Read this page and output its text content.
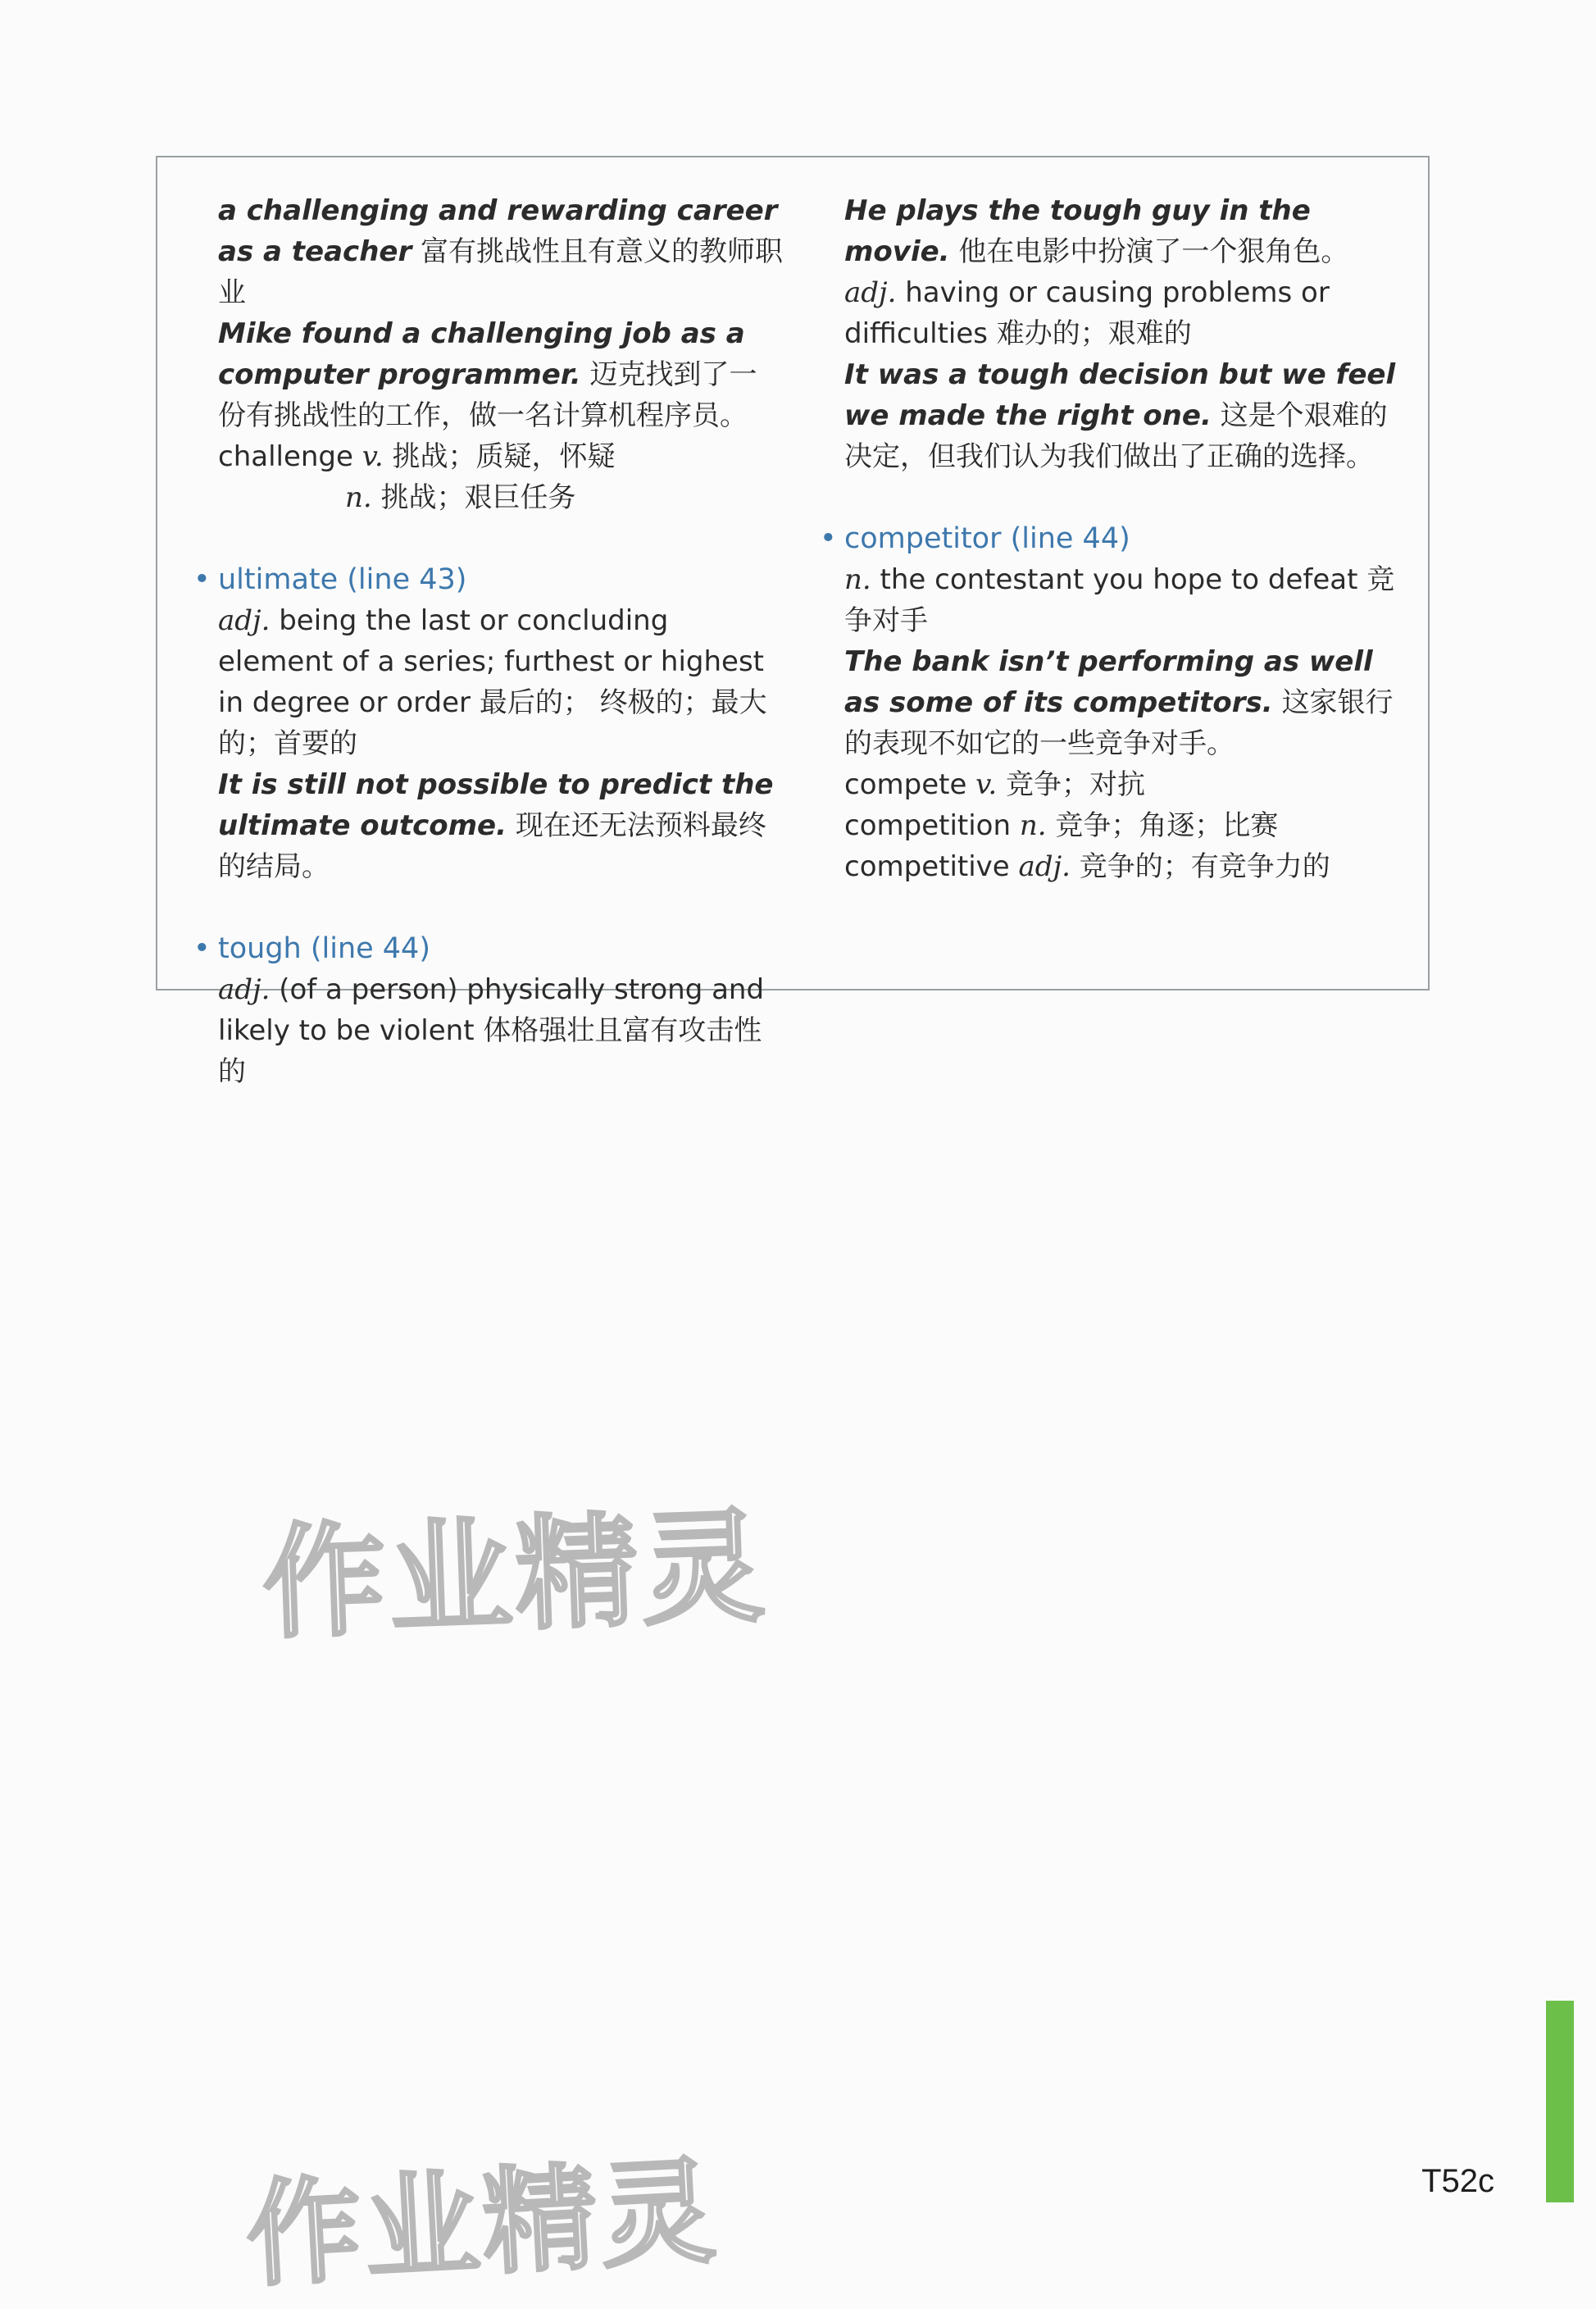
a challenging and rewarding career as a teacher 富有挑战性且有意义的教师职业

Mike found a challenging job as a computer programmer. 迈克找到了一份有挑战性的工作，做一名计算机程序员。

challenge v. 挑战；质疑，怀疑

n. 挑战；艰巨任务

• ultimate (line 43)

adj. being the last or concluding element of a series; furthest or highest in degree or order 最后的； 终极的；最大的；首要的

It is still not possible to predict the ultimate outcome. 现在还无法预料最终的结局。

• tough (line 44)

adj. (of a person) physically strong and likely to be violent 体格强壮且富有攻击性的

He plays the tough guy in the movie. 他在电影中扮演了一个狠角色。

adj. having or causing problems or difficulties 难办的；艰难的

It was a tough decision but we feel we made the right one. 这是个艰难的决定，但我们认为我们做出了正确的选择。

• competitor (line 44)

n. the contestant you hope to defeat 竞争对手

The bank isn’t performing as well as some of its competitors. 这家银行的表现不如它的一些竞争对手。

compete v. 竞争；对抗

competition n. 竞争；角逐；比赛

competitive adj. 竞争的；有竞争力的

作业精灵
作业精灵	T52c
